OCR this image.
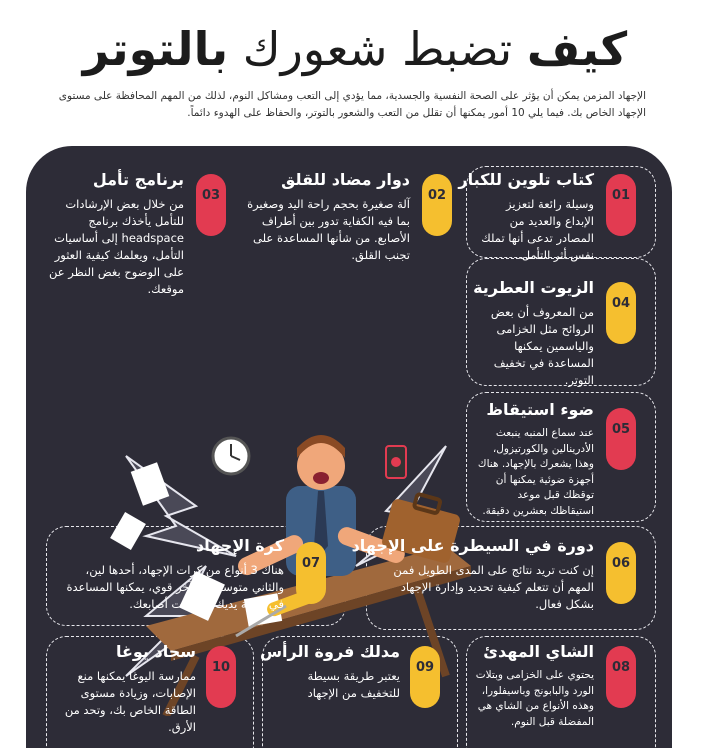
كيف تضبط شعورك بالتوتر
الإجهاد المزمن يمكن أن يؤثر على الصحة النفسية والجسدية، مما يؤدي إلى التعب ومشاكل النوم، لذلك من المهم المحافظة على مستوى الإجهاد الخاص بك. فيما يلي 10 أمور يمكنها أن تقلل من التعب والشعور بالتوتر، والحفاظ على الهدوء دائماً.
01
كتاب تلوين للكبار
وسيلة رائعة لتعزيز الإبداع والعديد من المصادر تدعى أنها تملك نفس أثر التأمل.
02
دوار مضاد للقلق
آلة صغيرة بحجم راحة اليد وصغيرة بما فيه الكفاية تدور بين أطراف الأصابع. من شأنها المساعدة على تجنب القلق.
03
برنامج تأمل
من خلال بعض الإرشادات للتأمل يأخذك برنامج headspace إلى أساسيات التأمل، ويعلمك كيفية العثور على الوضوح بغض النظر عن موقعك.
04
الزيوت العطرية
من المعروف أن بعض الروائح مثل الخزامى والياسمين يمكنها المساعدة في تخفيف التوتر.
05
ضوء استيقاظ
عند سماع المنبه ينبعث الأدرينالين والكورتيزول، وهذا يشعرك بالإجهاد. هناك أجهزة ضوئية يمكنها أن توقظك قبل موعد استيقاظك بعشرين دقيقة.
06
دورة في السيطرة على الإجهاد
إن كنت تريد نتائج على المدى الطويل فمن المهم أن تتعلم كيفية تحديد وإدارة الإجهاد بشكل فعال.
07
كرة الإجهاد
هناك 3 أنواع من كرات الإجهاد، أحدها لين، والثاني متوسط، والآخر قوي، يمكنها المساعدة في تقوية يديك وعضلات أصابعك.
08
الشاي المهدئ
يحتوي على الخزامى وبتلات الورد والبابونج وباسيفلورا، وهذه الأنواع من الشاي هي المفضلة قبل النوم.
09
مدلك فروة الرأس
يعتبر طريقة بسيطة للتخفيف من الإجهاد
10
سجاد يوغا
ممارسة اليوغا يمكنها منع الإصابات، وزيادة مستوى الطاقة الخاص بك، وتحد من الأرق.
